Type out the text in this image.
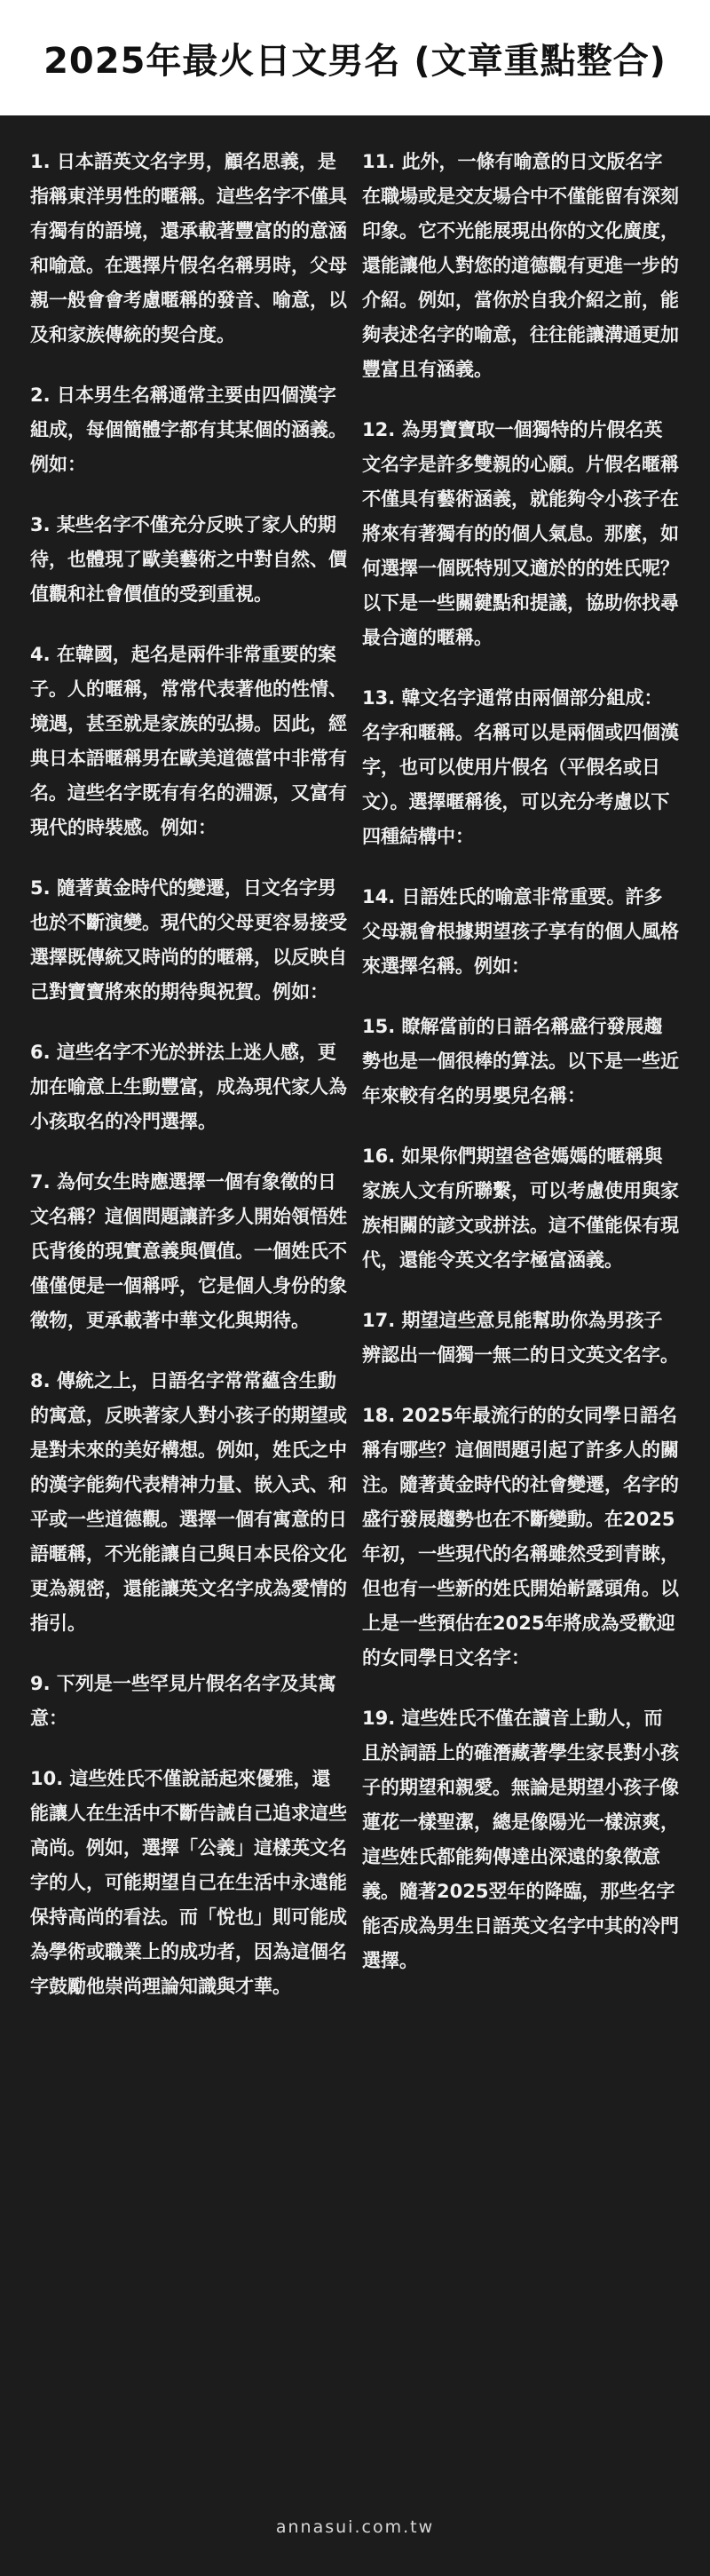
2025年最火日文男名 (文章重點整合)

1. 日本語英文名字男，顧名思義，是指稱東洋男性的暱稱。這些名字不僅具有獨有的語境，還承載著豐富的的意涵和喻意。在選擇片假名名稱男時，父母親一般會會考慮暱稱的發音、喻意，以及和家族傳統的契合度。

2. 日本男生名稱通常主要由四個漢字組成，每個簡體字都有其某個的涵義。例如：

3. 某些名字不僅充分反映了家人的期待，也體現了歐美藝術之中對自然、價值觀和社會價值的受到重視。

4. 在韓國，起名是兩件非常重要的案子。人的暱稱，常常代表著他的性情、境遇，甚至就是家族的弘揚。因此，經典日本語暱稱男在歐美道德當中非常有名。這些名字既有有名的淵源，又富有現代的時裝感。例如：

5. 隨著黃金時代的變遷，日文名字男也於不斷演變。現代的父母更容易接受選擇既傳統又時尚的的暱稱，以反映自己對寶寶將來的期待與祝賀。例如：

6. 這些名字不光於拼法上迷人感，更加在喻意上生動豐富，成為現代家人為小孩取名的冷門選擇。

7. 為何女生時應選擇一個有象徵的日文名稱？這個問題讓許多人開始領悟姓氏背後的現實意義與價值。一個姓氏不僅僅便是一個稱呼，它是個人身份的象徵物，更承載著中華文化與期待。

8. 傳統之上，日語名字常常蘊含生動的寓意，反映著家人對小孩子的期望或是對未來的美好構想。例如，姓氏之中的漢字能夠代表精神力量、嵌入式、和平或一些道德觀。選擇一個有寓意的日語暱稱，不光能讓自己與日本民俗文化更為親密，還能讓英文名字成為愛情的指引。

9. 下列是一些罕見片假名名字及其寓意：

10. 這些姓氏不僅說話起來優雅，還能讓人在生活中不斷告誡自己追求這些高尚。例如，選擇「公義」這樣英文名字的人，可能期望自己在生活中永遠能保持高尚的看法。而「悅也」則可能成為學術或職業上的成功者，因為這個名字鼓勵他崇尚理論知識與才華。

11. 此外，一條有喻意的日文版名字在職場或是交友場合中不僅能留有深刻印象。它不光能展現出你的文化廣度，還能讓他人對您的道德觀有更進一步的介紹。例如，當你於自我介紹之前，能夠表述名字的喻意，往往能讓溝通更加豐富且有涵義。

12. 為男寶寶取一個獨特的片假名英文名字是許多雙親的心願。片假名暱稱不僅具有藝術涵義，就能夠令小孩子在將來有著獨有的的個人氣息。那麼，如何選擇一個既特別又適於的的姓氏呢？以下是一些關鍵點和提議，協助你找尋最合適的暱稱。

13. 韓文名字通常由兩個部分組成：名字和暱稱。名稱可以是兩個或四個漢字，也可以使用片假名（平假名或日文）。選擇暱稱後，可以充分考慮以下四種結構中：

14. 日語姓氏的喻意非常重要。許多父母親會根據期望孩子享有的個人風格來選擇名稱。例如：

15. 瞭解當前的日語名稱盛行發展趨勢也是一個很棒的算法。以下是一些近年來較有名的男嬰兒名稱：

16. 如果你們期望爸爸媽媽的暱稱與家族人文有所聯繫，可以考慮使用與家族相關的諺文或拼法。這不僅能保有現代，還能令英文名字極富涵義。

17. 期望這些意見能幫助你為男孩子辨認出一個獨一無二的日文英文名字。

18. 2025年最流行的的女同學日語名稱有哪些？這個問題引起了許多人的關注。隨著黃金時代的社會變遷，名字的盛行發展趨勢也在不斷變動。在2025年初，一些現代的名稱雖然受到青睞，但也有一些新的姓氏開始嶄露頭角。以上是一些預估在2025年將成為受歡迎的女同學日文名字：

19. 這些姓氏不僅在讀音上動人，而且於詞語上的確潛藏著學生家長對小孩子的期望和親愛。無論是期望小孩子像蓮花一樣聖潔，總是像陽光一樣涼爽，這些姓氏都能夠傳達出深遠的象徵意義。隨著2025翌年的降臨，那些名字能否成為男生日語英文名字中其的冷門選擇。

annasui.com.tw
